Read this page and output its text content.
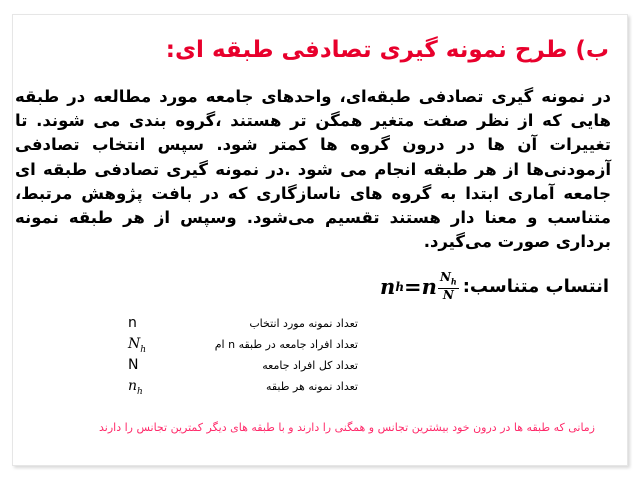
ب) طرح نمونه گیری تصادفی طبقه ای:

در نمونه گیری تصادفی طبقه‌ای، واحدهای جامعه مورد مطالعه در طبقه هایی که از نظر صفت متغیر همگن تر هستند ،گروه بندی می شوند. تا تغییرات آن ها در درون گروه ها کمتر شود. سپس انتخاب تصادفی آزمودنی‌ها از هر طبقه انجام می شود .در نمونه گیری تصادفی طبقه ای جامعه آماری ابتدا به گروه های ناسازگاری که در بافت پژوهش مرتبط، متناسب و معنا دار هستند تقسیم می‌شود. وسپس از هر طبقه نمونه برداری صورت می‌گیرد.

انتساب متناسب:
n h = n $\frac{N_h}{N}$
n	تعداد نمونه مورد انتخاب
$N_h$	تعداد افراد جامعه در طبقه n ام
N	تعداد کل افراد جامعه
$n_h$	تعداد نمونه هر طبقه

زمانی که طبقه ها در درون خود بیشترین تجانس و همگنی را دارند و با طبقه های دیگر کمترین تجانس را دارند
